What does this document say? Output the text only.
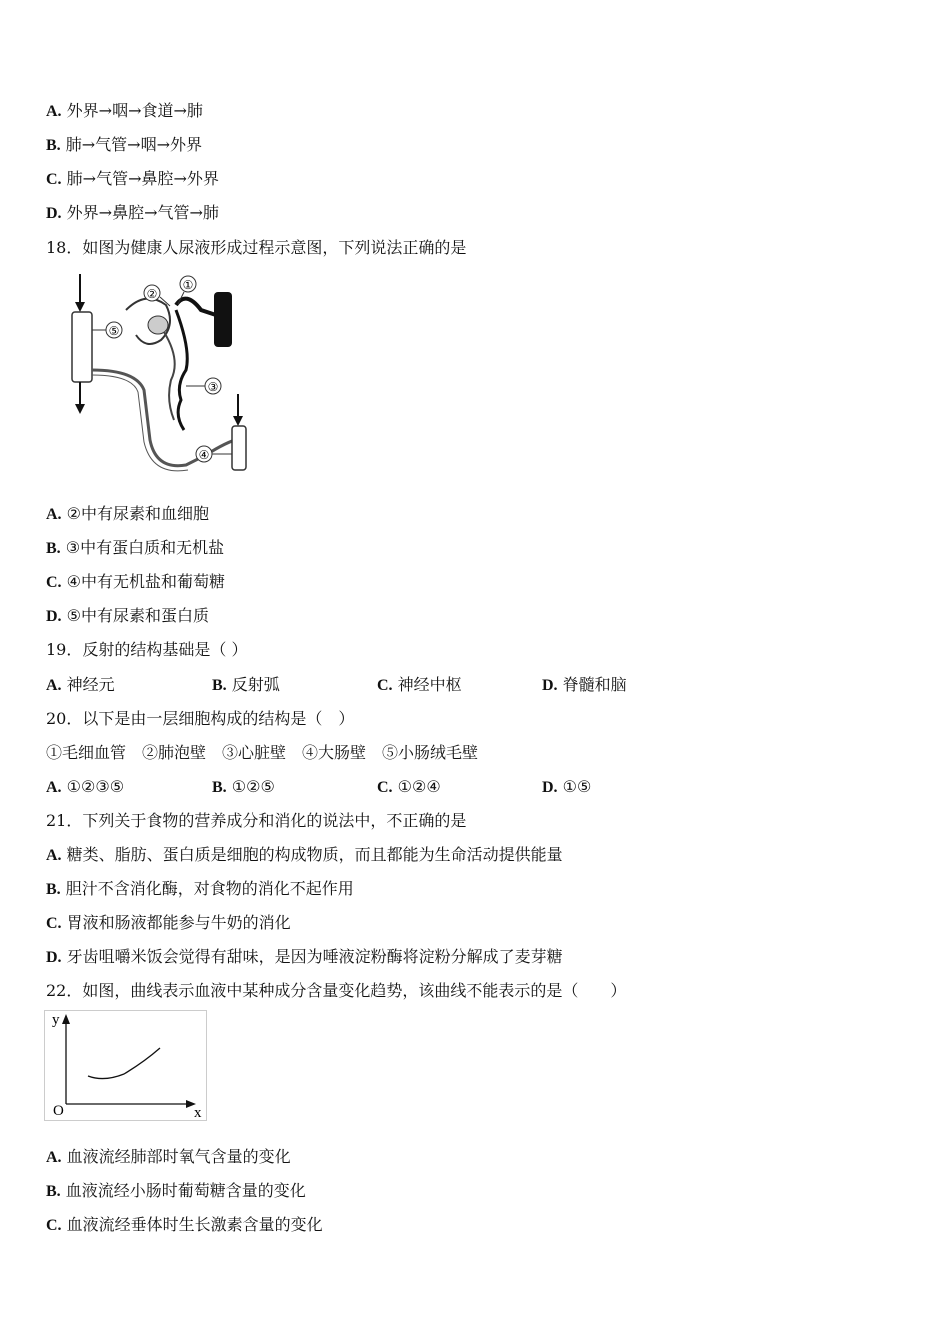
A. 外界→咽→食道→肺
B. 肺→气管→咽→外界
C. 肺→气管→鼻腔→外界
D. 外界→鼻腔→气管→肺
18．如图为健康人尿液形成过程示意图，下列说法正确的是
⑤
①
②
③
④
A. ②中有尿素和血细胞
B. ③中有蛋白质和无机盐
C. ④中有无机盐和葡萄糖
D. ⑤中有尿素和蛋白质
19．反射的结构基础是（ ）
A. 神经元	B. 反射弧	C. 神经中枢	D. 脊髓和脑
20．以下是由一层细胞构成的结构是（　）
①毛细血管　②肺泡壁　③心脏壁　④大肠壁　⑤小肠绒毛壁
A. ①②③⑤	B. ①②⑤	C. ①②④	D. ①⑤
21．下列关于食物的营养成分和消化的说法中，不正确的是
A. 糖类、脂肪、蛋白质是细胞的构成物质，而且都能为生命活动提供能量
B. 胆汁不含消化酶，对食物的消化不起作用
C. 胃液和肠液都能参与牛奶的消化
D. 牙齿咀嚼米饭会觉得有甜味，是因为唾液淀粉酶将淀粉分解成了麦芽糖
22．如图，曲线表示血液中某种成分含量变化趋势，该曲线不能表示的是（　　）
y
x
O
A. 血液流经肺部时氧气含量的变化
B. 血液流经小肠时葡萄糖含量的变化
C. 血液流经垂体时生长激素含量的变化
